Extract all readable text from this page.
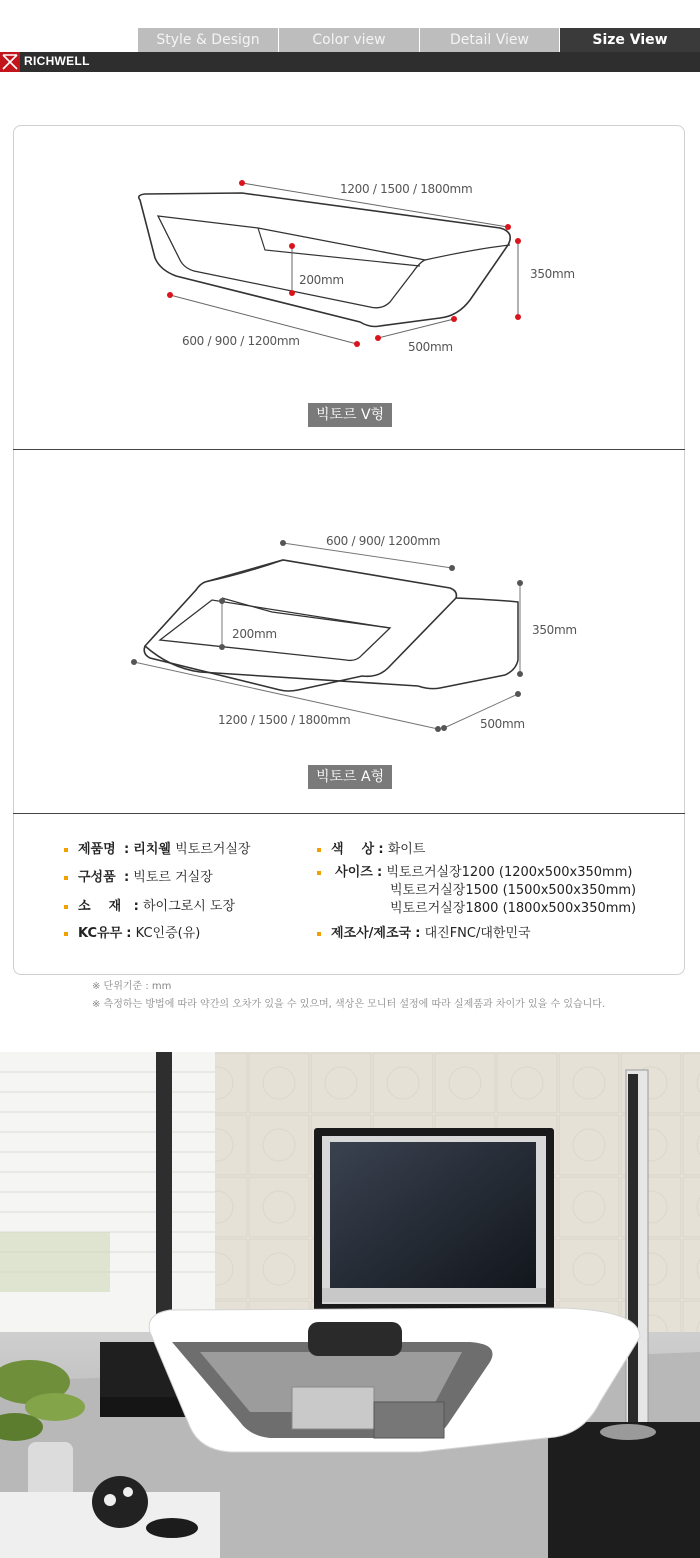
Style & Design	Color view	Detail View	Size View
RICHWELL
1200 / 1500 / 1800mm
200mm	350mm
600 / 900 / 1200mm	500mm
빅토르 V형
600 / 900/ 1200mm
200mm	350mm
1200 / 1500 / 1800mm	500mm
빅토르 A형
제품명 : 리치웰 빅토르거실장
구성품 : 빅토르 거실장
소    재 : 하이그로시 도장
KC유무 : KC인증(유)
색    상 : 화이트
사이즈 : 빅토르거실장1200 (1200x500x350mm)
빅토르거실장1500 (1500x500x350mm)
빅토르거실장1800 (1800x500x350mm)
제조사/제조국 : 대진FNC/대한민국
※ 단위기준 : mm
※ 측정하는 방법에 따라 약간의 오차가 있을 수 있으며, 색상은 모니터 설정에 따라 실제품과 차이가 있을 수 있습니다.
